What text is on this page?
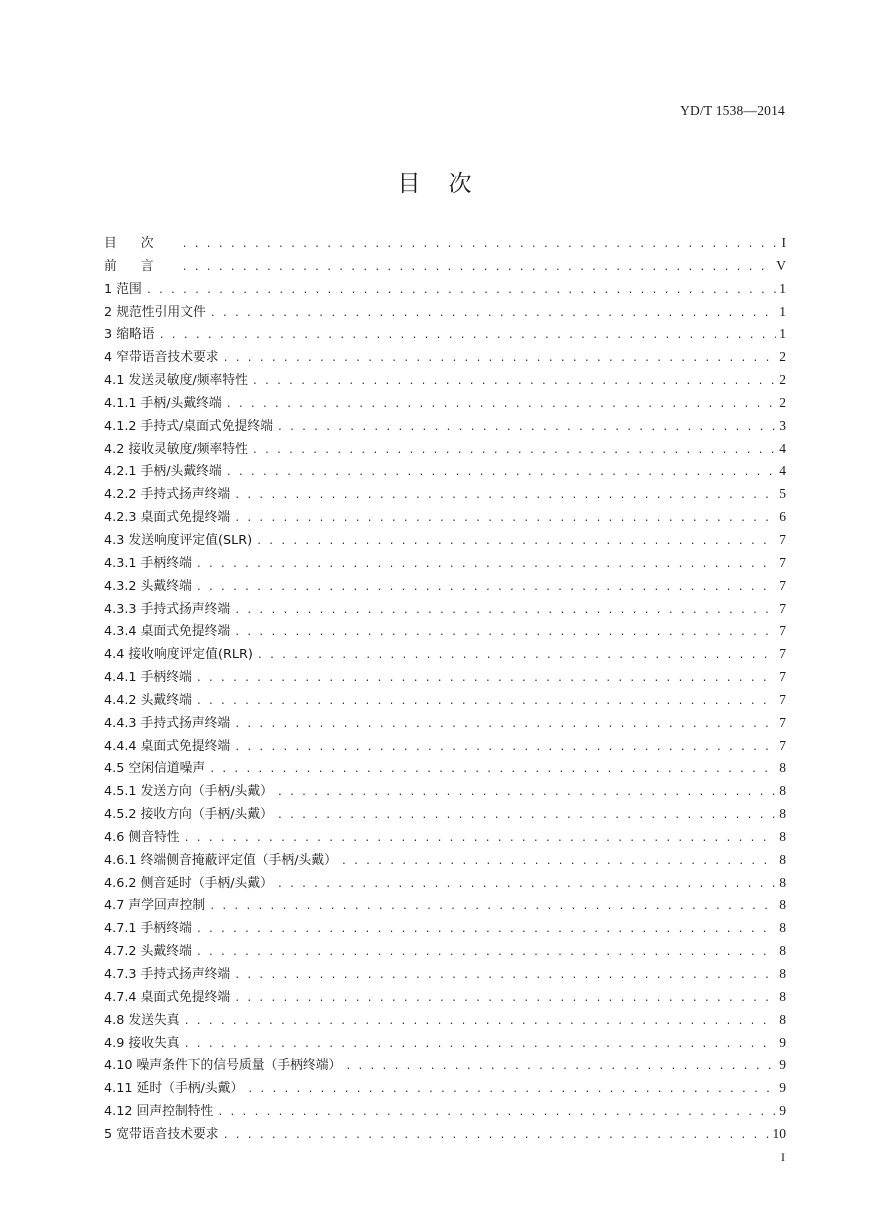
YD/T 1538—2014
目次
目次 . . .	I
前言 . . .	V
1 范围 . . .	1
2 规范性引用文件 . . .	1
3 缩略语 . . .	1
4 窄带语音技术要求 . . .	2
4.1 发送灵敏度/频率特性 . . .	2
4.1.1 手柄/头戴终端 . . .	2
4.1.2 手持式/桌面式免提终端 . . .	3
4.2 接收灵敏度/频率特性 . . .	4
4.2.1 手柄/头戴终端 . . .	4
4.2.2 手持式扬声终端 . . .	5
4.2.3 桌面式免提终端 . . .	6
4.3 发送响度评定值(SLR) . . .	7
4.3.1 手柄终端 . . .	7
4.3.2 头戴终端 . . .	7
4.3.3 手持式扬声终端 . . .	7
4.3.4 桌面式免提终端 . . .	7
4.4 接收响度评定值(RLR) . . .	7
4.4.1 手柄终端 . . .	7
4.4.2 头戴终端 . . .	7
4.4.3 手持式扬声终端 . . .	7
4.4.4 桌面式免提终端 . . .	7
4.5 空闲信道噪声 . . .	8
4.5.1 发送方向（手柄/头戴） . . .	8
4.5.2 接收方向（手柄/头戴） . . .	8
4.6 侧音特性 . . .	8
4.6.1 终端侧音掩蔽评定值（手柄/头戴） . . .	8
4.6.2 侧音延时（手柄/头戴） . . .	8
4.7 声学回声控制 . . .	8
4.7.1 手柄终端 . . .	8
4.7.2 头戴终端 . . .	8
4.7.3 手持式扬声终端 . . .	8
4.7.4 桌面式免提终端 . . .	8
4.8 发送失真 . . .	8
4.9 接收失真 . . .	9
4.10 噪声条件下的信号质量（手柄终端） . . .	9
4.11 延时（手柄/头戴） . . .	9
4.12 回声控制特性 . . .	9
5 宽带语音技术要求 . . .	10
I
